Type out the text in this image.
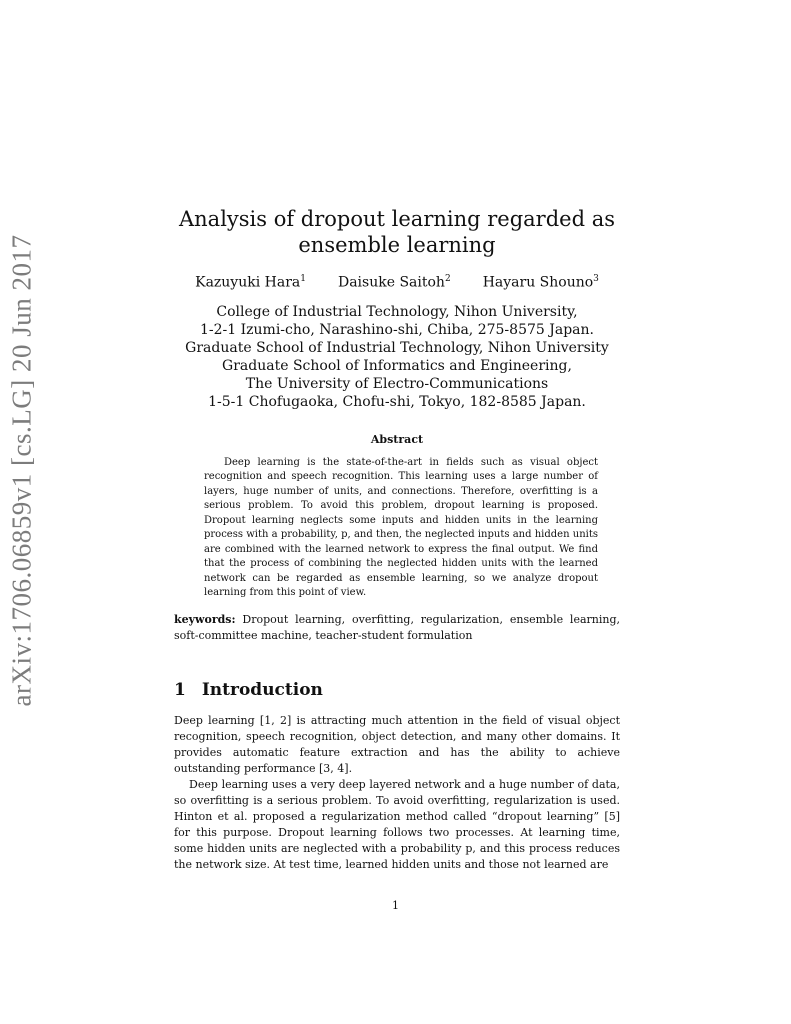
arXiv:1706.06859v1 [cs.LG] 20 Jun 2017
Analysis of dropout learning regarded as ensemble learning
Kazuyuki Hara$^1$ Daisuke Saitoh$^2$ Hayaru Shouno$^3$
College of Industrial Technology, Nihon University,
1-2-1 Izumi-cho, Narashino-shi, Chiba, 275-8575 Japan.
Graduate School of Industrial Technology, Nihon University
Graduate School of Informatics and Engineering,
The University of Electro-Communications
1-5-1 Chofugaoka, Chofu-shi, Tokyo, 182-8585 Japan.
Abstract

Deep learning is the state-of-the-art in fields such as visual object recognition and speech recognition. This learning uses a large number of layers, huge number of units, and connections. Therefore, overfitting is a serious problem. To avoid this problem, dropout learning is proposed. Dropout learning neglects some inputs and hidden units in the learning process with a probability, p, and then, the neglected inputs and hidden units are combined with the learned network to express the final output. We find that the process of combining the neglected hidden units with the learned network can be regarded as ensemble learning, so we analyze dropout learning from this point of view.

keywords: Dropout learning, overfitting, regularization, ensemble learning, soft-committee machine, teacher-student formulation

1 Introduction

Deep learning [1, 2] is attracting much attention in the field of visual object recognition, speech recognition, object detection, and many other domains. It provides automatic feature extraction and has the ability to achieve outstanding performance [3, 4].

Deep learning uses a very deep layered network and a huge number of data, so overfitting is a serious problem. To avoid overfitting, regularization is used. Hinton et al. proposed a regularization method called “dropout learning” [5] for this purpose. Dropout learning follows two processes. At learning time, some hidden units are neglected with a probability p, and this process reduces the network size. At test time, learned hidden units and those not learned are

1
